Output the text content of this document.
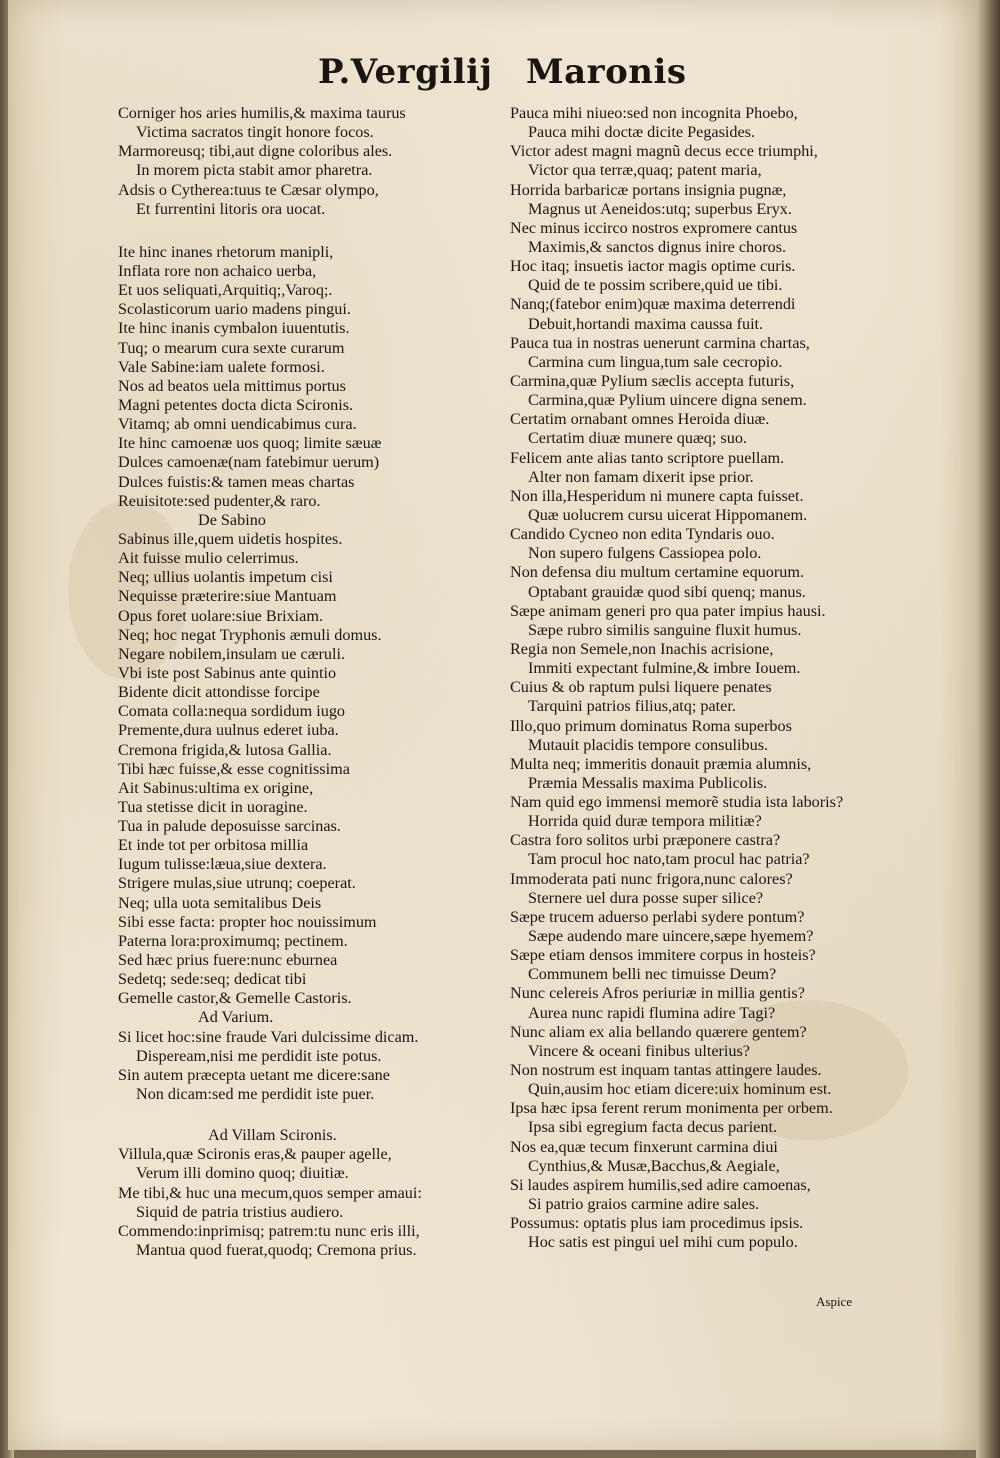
P.Vergilij Maronis
Corniger hos aries humilis,& maxima taurus
Victima sacratos tingit honore focos.
Marmoreusq; tibi,aut digne coloribus ales.
In morem picta stabit amor pharetra.
Adsis o Cytherea:tuus te Cæsar olympo,
Et furrentini litoris ora uocat.
Ite hinc inanes rhetorum manipli,
Inflata rore non achaico uerba,
Et uos seliquati,Arquitiq;,Varoq;.
Scolasticorum uario madens pingui.
Ite hinc inanis cymbalon iuuentutis.
Tuq; o mearum cura sexte curarum
Vale Sabine:iam ualete formosi.
Nos ad beatos uela mittimus portus
Magni petentes docta dicta Scironis.
Vitamq; ab omni uendicabimus cura.
Ite hinc camoenæ uos quoq; limite sæuæ
Dulces camoenæ(nam fatebimur uerum)
Dulces fuistis:& tamen meas chartas
Reuisitote:sed pudenter,& raro.
De Sabino
Sabinus ille,quem uidetis hospites.
Ait fuisse mulio celerrimus.
Neq; ullius uolantis impetum cisi
Nequisse præterire:siue Mantuam
Opus foret uolare:siue Brixiam.
Neq; hoc negat Tryphonis æmuli domus.
Negare nobilem,insulam ue cæruli.
Vbi iste post Sabinus ante quintio
Bidente dicit attondisse forcipe
Comata colla:nequa sordidum iugo
Premente,dura uulnus ederet iuba.
Cremona frigida,& lutosa Gallia.
Tibi hæc fuisse,& esse cognitissima
Ait Sabinus:ultima ex origine,
Tua stetisse dicit in uoragine.
Tua in palude deposuisse sarcinas.
Et inde tot per orbitosa millia
Iugum tulisse:læua,siue dextera.
Strigere mulas,siue utrunq; coeperat.
Neq; ulla uota semitalibus Deis
Sibi esse facta: propter hoc nouissimum
Paterna lora:proximumq; pectinem.
Sed hæc prius fuere:nunc eburnea
Sedetq; sede:seq; dedicat tibi
Gemelle castor,& Gemelle Castoris.
Ad Varium.
Si licet hoc:sine fraude Vari dulcissime dicam.
Dispeream,nisi me perdidit iste potus.
Sin autem præcepta uetant me dicere:sane
Non dicam:sed me perdidit iste puer.
Ad Villam Scironis.
Villula,quæ Scironis eras,& pauper agelle,
Verum illi domino quoq; diuitiæ.
Me tibi,& huc una mecum,quos semper amaui:
Siquid de patria tristius audiero.
Commendo:inprimisq; patrem:tu nunc eris illi,
Mantua quod fuerat,quodq; Cremona prius.
Pauca mihi niueo:sed non incognita Phoebo,
Pauca mihi doctæ dicite Pegasides.
Victor adest magni magnũ decus ecce triumphi,
Victor qua terræ,quaq; patent maria,
Horrida barbaricæ portans insignia pugnæ,
Magnus ut Aeneidos:utq; superbus Eryx.
Nec minus iccirco nostros expromere cantus
Maximis,& sanctos dignus inire choros.
Hoc itaq; insuetis iactor magis optime curis.
Quid de te possim scribere,quid ue tibi.
Nanq;(fatebor enim)quæ maxima deterrendi
Debuit,hortandi maxima caussa fuit.
Pauca tua in nostras uenerunt carmina chartas,
Carmina cum lingua,tum sale cecropio.
Carmina,quæ Pylium sæclis accepta futuris,
Carmina,quæ Pylium uincere digna senem.
Certatim ornabant omnes Heroida diuæ.
Certatim diuæ munere quæq; suo.
Felicem ante alias tanto scriptore puellam.
Alter non famam dixerit ipse prior.
Non illa,Hesperidum ni munere capta fuisset.
Quæ uolucrem cursu uicerat Hippomanem.
Candido Cycneo non edita Tyndaris ouo.
Non supero fulgens Cassiopea polo.
Non defensa diu multum certamine equorum.
Optabant grauidæ quod sibi quenq; manus.
Sæpe animam generi pro qua pater impius hausi.
Sæpe rubro similis sanguine fluxit humus.
Regia non Semele,non Inachis acrisione,
Immiti expectant fulmine,& imbre Iouem.
Cuius & ob raptum pulsi liquere penates
Tarquini patrios filius,atq; pater.
Illo,quo primum dominatus Roma superbos
Mutauit placidis tempore consulibus.
Multa neq; immeritis donauit præmia alumnis,
Præmia Messalis maxima Publicolis.
Nam quid ego immensi memorẽ studia ista laboris?
Horrida quid duræ tempora militiæ?
Castra foro solitos urbi præponere castra?
Tam procul hoc nato,tam procul hac patria?
Immoderata pati nunc frigora,nunc calores?
Sternere uel dura posse super silice?
Sæpe trucem aduerso perlabi sydere pontum?
Sæpe audendo mare uincere,sæpe hyemem?
Sæpe etiam densos immitere corpus in hosteis?
Communem belli nec timuisse Deum?
Nunc celereis Afros periuriæ in millia gentis?
Aurea nunc rapidi flumina adire Tagi?
Nunc aliam ex alia bellando quærere gentem?
Vincere & oceani finibus ulterius?
Non nostrum est inquam tantas attingere laudes.
Quin,ausim hoc etiam dicere:uix hominum est.
Ipsa hæc ipsa ferent rerum monimenta per orbem.
Ipsa sibi egregium facta decus parient.
Nos ea,quæ tecum finxerunt carmina diui
Cynthius,& Musæ,Bacchus,& Aegiale,
Si laudes aspirem humilis,sed adire camoenas,
Si patrio graios carmine adire sales.
Possumus: optatis plus iam procedimus ipsis.
Hoc satis est pingui uel mihi cum populo.
Aspice
